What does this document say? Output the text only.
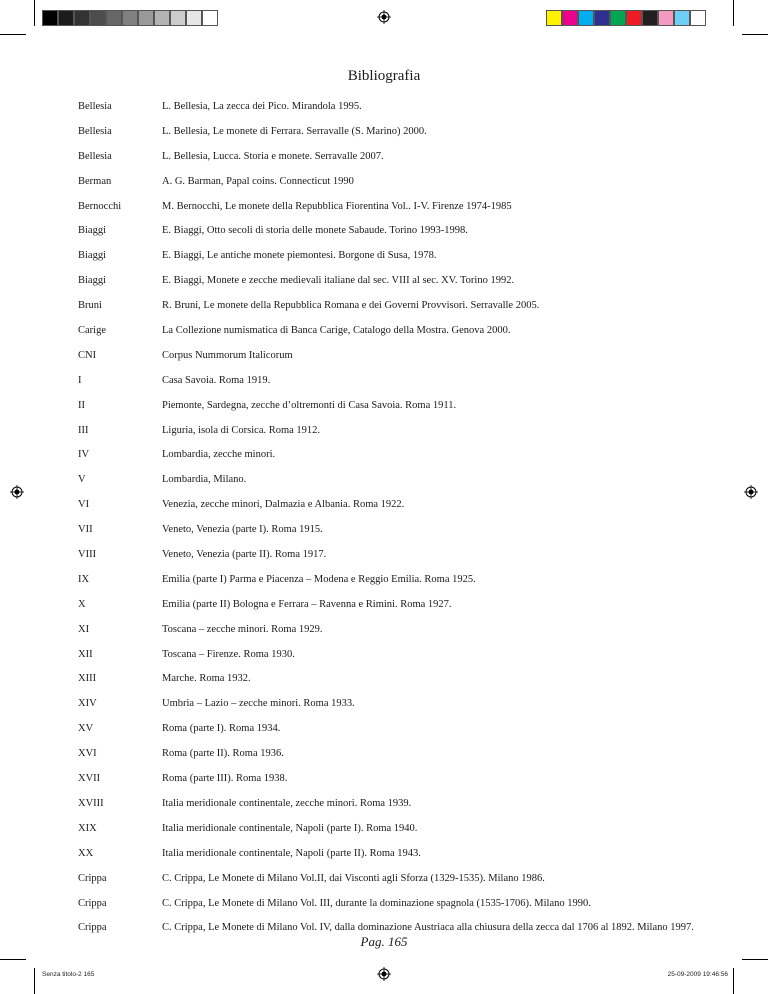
Bibliografia
Bellesia	L. Bellesia, La zecca dei Pico. Mirandola 1995.
Bellesia	L. Bellesia, Le monete di Ferrara. Serravalle (S. Marino) 2000.
Bellesia	L. Bellesia, Lucca. Storia e monete. Serravalle 2007.
Berman	A. G. Barman, Papal coins. Connecticut 1990
Bernocchi	M. Bernocchi, Le monete della Repubblica Fiorentina Vol.. I-V. Firenze 1974-1985
Biaggi	E. Biaggi, Otto secoli di storia delle monete Sabaude. Torino 1993-1998.
Biaggi	E. Biaggi, Le antiche monete piemontesi. Borgone di Susa, 1978.
Biaggi	E. Biaggi, Monete e zecche medievali italiane dal sec. VIII al sec. XV. Torino 1992.
Bruni	R. Bruni, Le monete della Repubblica Romana e dei Governi Provvisori. Serravalle 2005.
Carige	La Collezione numismatica di Banca Carige, Catalogo della Mostra. Genova 2000.
CNI	Corpus Nummorum Italicorum
I	Casa Savoia. Roma 1919.
II	Piemonte, Sardegna, zecche d’oltremonti di Casa Savoia. Roma 1911.
III	Liguria, isola di Corsica. Roma 1912.
IV	Lombardia, zecche minori.
V	Lombardia, Milano.
VI	Venezia, zecche minori, Dalmazia e Albania. Roma 1922.
VII	Veneto, Venezia (parte I). Roma 1915.
VIII	Veneto, Venezia (parte II). Roma 1917.
IX	Emilia (parte I) Parma e Piacenza – Modena e Reggio Emilia. Roma 1925.
X	Emilia (parte II) Bologna e Ferrara – Ravenna e Rimini. Roma 1927.
XI	Toscana – zecche minori. Roma 1929.
XII	Toscana – Firenze. Roma 1930.
XIII	Marche. Roma 1932.
XIV	Umbria – Lazio – zecche minori. Roma 1933.
XV	Roma (parte I). Roma 1934.
XVI	Roma (parte II). Roma 1936.
XVII	Roma (parte III). Roma 1938.
XVIII	Italia meridionale continentale, zecche minori. Roma 1939.
XIX	Italia meridionale continentale, Napoli (parte I). Roma 1940.
XX	Italia meridionale continentale, Napoli (parte II). Roma 1943.
Crippa	C. Crippa, Le Monete di Milano Vol.II, dai Visconti agli Sforza (1329-1535). Milano 1986.
Crippa	C. Crippa, Le Monete di Milano Vol. III, durante la dominazione spagnola (1535-1706). Milano 1990.
Crippa	C. Crippa, Le Monete di Milano Vol. IV, dalla dominazione Austriaca alla chiusura della zecca dal 1706 al 1892. Milano 1997.
Pag. 165
Senza titolo-2 165	25-09-2009 19:46:56
